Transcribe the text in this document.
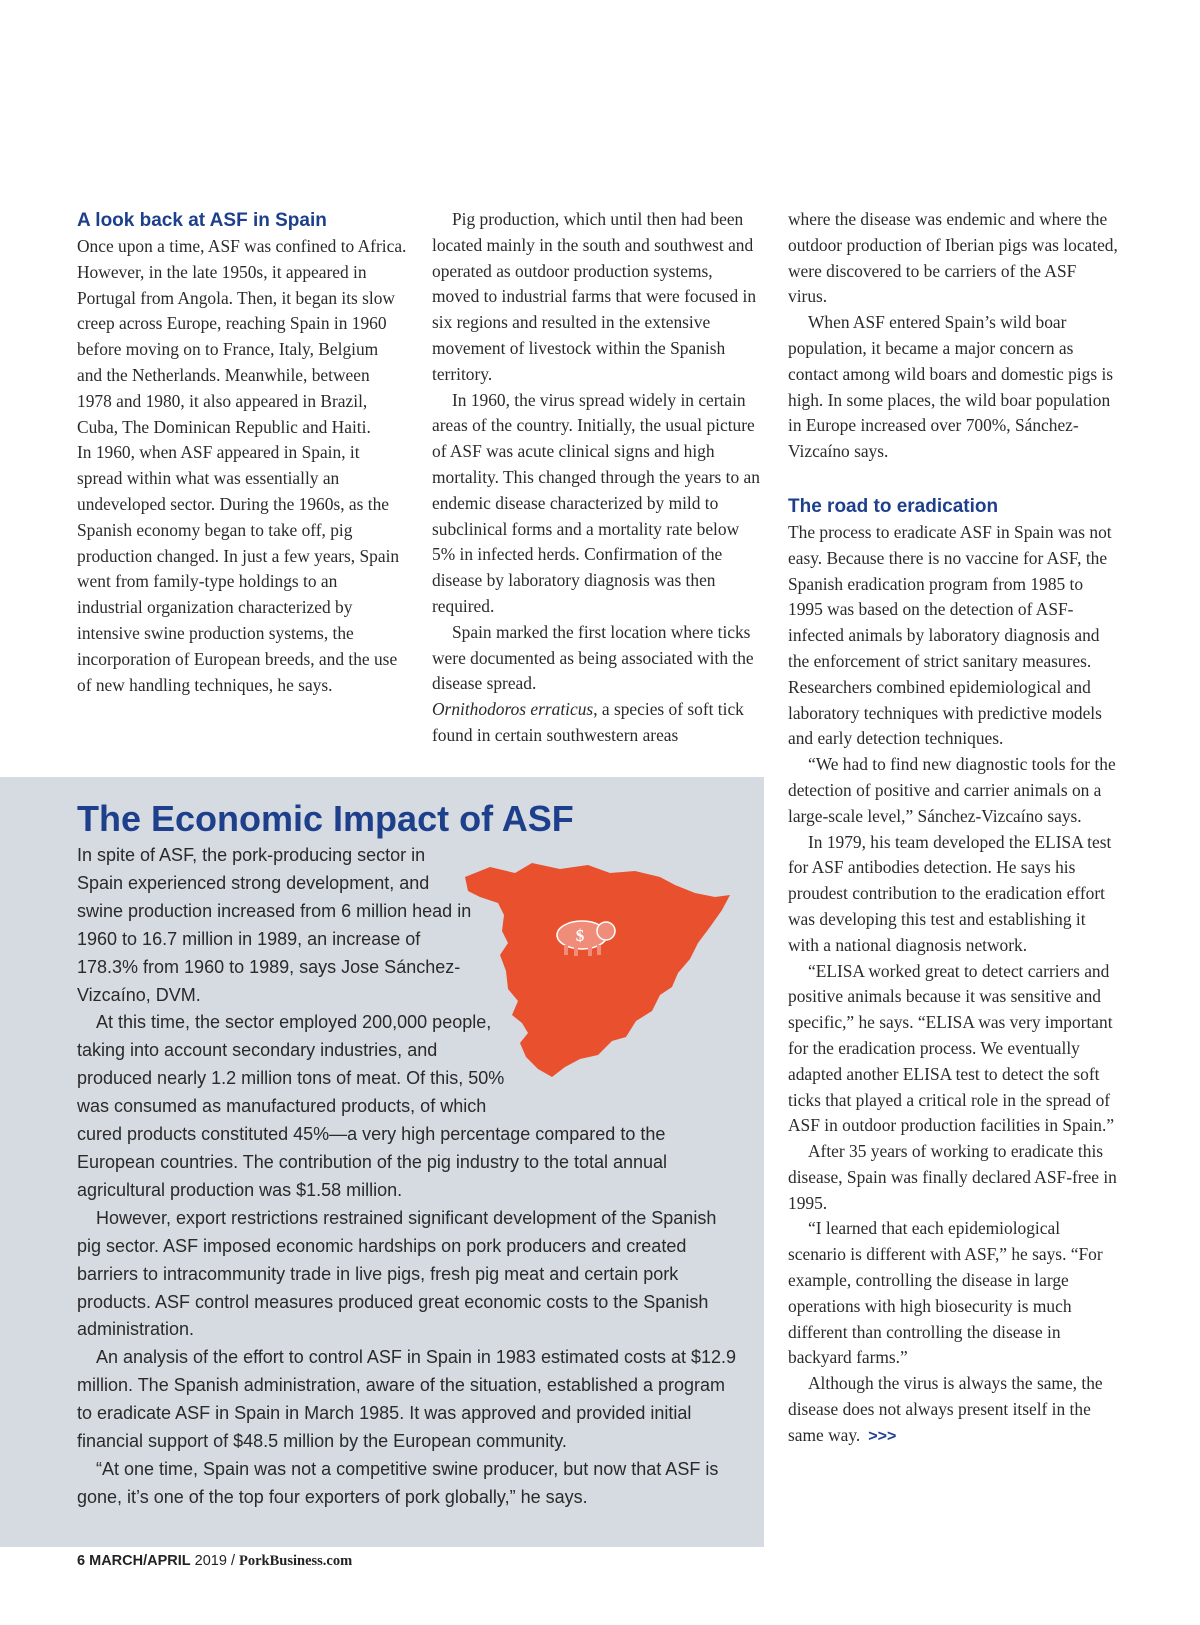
A look back at ASF in Spain

Once upon a time, ASF was confined to Africa. However, in the late 1950s, it appeared in Portugal from Angola. Then, it began its slow creep across Europe, reaching Spain in 1960 before moving on to France, Italy, Belgium and the Netherlands. Meanwhile, between 1978 and 1980, it also appeared in Brazil, Cuba, The Dominican Republic and Haiti.

In 1960, when ASF appeared in Spain, it spread within what was essentially an undeveloped sector. During the 1960s, as the Spanish economy began to take off, pig production changed. In just a few years, Spain went from family-type holdings to an industrial organization characterized by intensive swine production systems, the incorporation of European breeds, and the use of new handling techniques, he says.

Pig production, which until then had been located mainly in the south and southwest and operated as outdoor production systems, moved to industrial farms that were focused in six regions and resulted in the extensive movement of livestock within the Spanish territory.

In 1960, the virus spread widely in certain areas of the country. Initially, the usual picture of ASF was acute clinical signs and high mortality. This changed through the years to an endemic disease characterized by mild to subclinical forms and a mortality rate below 5% in infected herds. Confirmation of the disease by laboratory diagnosis was then required.

Spain marked the first location where ticks were documented as being associated with the disease spread.

Ornithodoros erraticus, a species of soft tick found in certain southwestern areas

where the disease was endemic and where the outdoor production of Iberian pigs was located, were discovered to be carriers of the ASF virus.

When ASF entered Spain’s wild boar population, it became a major concern as contact among wild boars and domestic pigs is high. In some places, the wild boar population in Europe increased over 700%, Sánchez-Vizcaíno says.

The road to eradication

The process to eradicate ASF in Spain was not easy. Because there is no vaccine for ASF, the Spanish eradication program from 1985 to 1995 was based on the detection of ASF-infected animals by laboratory diagnosis and the enforcement of strict sanitary measures. Researchers combined epidemiological and laboratory techniques with predictive models and early detection techniques.

“We had to find new diagnostic tools for the detection of positive and carrier animals on a large-scale level,” Sánchez-Vizcaíno says.

In 1979, his team developed the ELISA test for ASF antibodies detection. He says his proudest contribution to the eradication effort was developing this test and establishing it with a national diagnosis network.

“ELISA worked great to detect carriers and positive animals because it was sensitive and specific,” he says. “ELISA was very important for the eradication process. We eventually adapted another ELISA test to detect the soft ticks that played a critical role in the spread of ASF in outdoor production facilities in Spain.”

After 35 years of working to eradicate this disease, Spain was finally declared ASF-free in 1995.

“I learned that each epidemiological scenario is different with ASF,” he says. “For example, controlling the disease in large operations with high biosecurity is much different than controlling the disease in backyard farms.”

Although the virus is always the same, the disease does not always present itself in the same way. >>>

The Economic Impact of ASF

In spite of ASF, the pork-producing sector in Spain experienced strong development, and swine production increased from 6 million head in 1960 to 16.7 million in 1989, an increase of 178.3% from 1960 to 1989, says Jose Sánchez-Vizcaíno, DVM.

At this time, the sector employed 200,000 people, taking into account secondary industries, and produced nearly 1.2 million tons of meat. Of this, 50% was consumed as manufactured products, of which cured products constituted 45%—a very high percentage compared to the European countries. The contribution of the pig industry to the total annual agricultural production was $1.58 million.

However, export restrictions restrained significant development of the Spanish pig sector. ASF imposed economic hardships on pork producers and created barriers to intracommunity trade in live pigs, fresh pig meat and certain pork products. ASF control measures produced great economic costs to the Spanish administration.

An analysis of the effort to control ASF in Spain in 1983 estimated costs at $12.9 million. The Spanish administration, aware of the situation, established a program to eradicate ASF in Spain in March 1985. It was approved and provided initial financial support of $48.5 million by the European community.

“At one time, Spain was not a competitive swine producer, but now that ASF is gone, it’s one of the top four exporters of pork globally,” he says.

$
6 MARCH/APRIL 2019 / PorkBusiness.com
